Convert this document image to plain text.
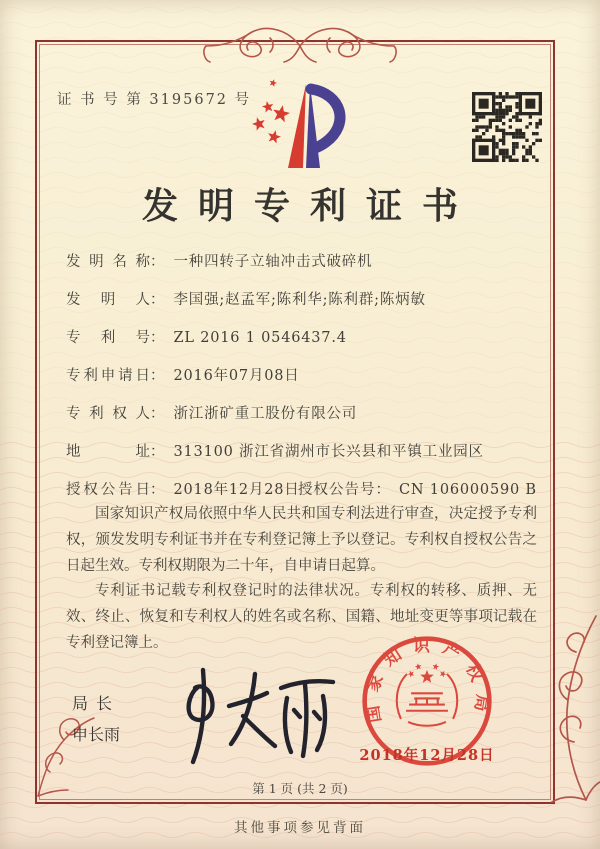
证 书 号 第 3195672 号
发明专利证书
发明名称： 一种四转子立轴冲击式破碎机
发明人： 李国强;赵孟军;陈利华;陈利群;陈炳敏
专利号： ZL 2016 1 0546437.4
专利申请日： 2016年07月08日
专利权人： 浙江浙矿重工股份有限公司
地址： 313100 浙江省湖州市长兴县和平镇工业园区
授权公告日： 2018年12月28日
授权公告号： CN 106000590 B

国家知识产权局依照中华人民共和国专利法进行审查，决定授予专利权，颁发发明专利证书并在专利登记簿上予以登记。专利权自授权公告之日起生效。专利权期限为二十年，自申请日起算。

专利证书记载专利权登记时的法律状况。专利权的转移、质押、无效、终止、恢复和专利权人的姓名或名称、国籍、地址变更等事项记载在专利登记簿上。

局长
申长雨
国家知识产权局
2018年12月28日
第 1 页 (共 2 页)
其他事项参见背面
